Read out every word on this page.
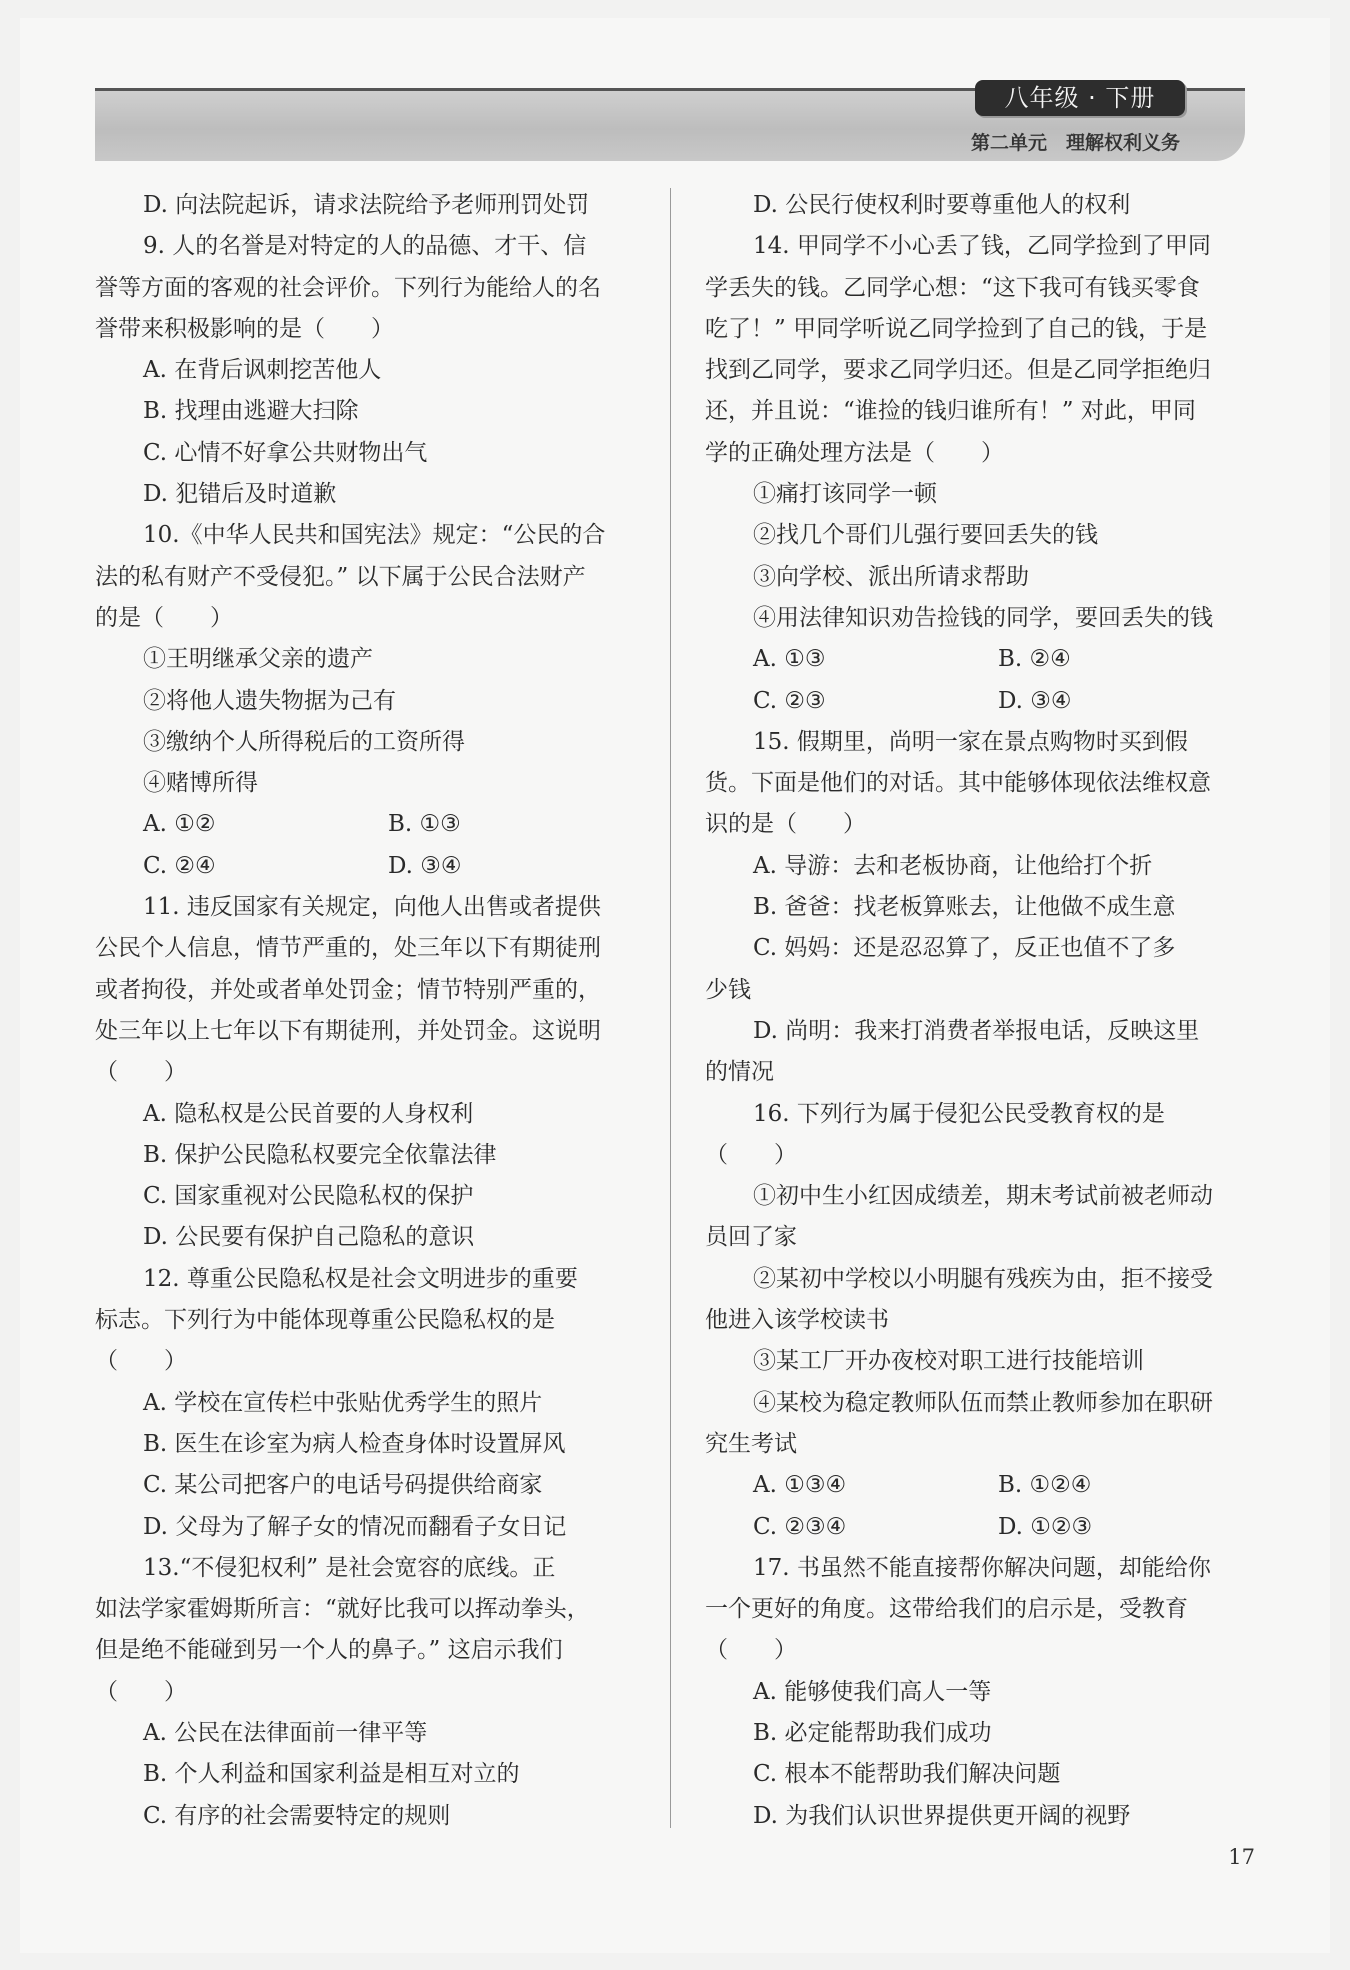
八年级 · 下册
第二单元　理解权利义务
D. 向法院起诉，请求法院给予老师刑罚处罚
9. 人的名誉是对特定的人的品德、才干、信
誉等方面的客观的社会评价。下列行为能给人的名
誉带来积极影响的是（　　）
A. 在背后讽刺挖苦他人
B. 找理由逃避大扫除
C. 心情不好拿公共财物出气
D. 犯错后及时道歉
10.《中华人民共和国宪法》规定：“公民的合
法的私有财产不受侵犯。” 以下属于公民合法财产
的是（　　）
①王明继承父亲的遗产
②将他人遗失物据为己有
③缴纳个人所得税后的工资所得
④赌博所得
A. ①②	B. ①③
C. ②④	D. ③④
11. 违反国家有关规定，向他人出售或者提供
公民个人信息，情节严重的，处三年以下有期徒刑
或者拘役，并处或者单处罚金；情节特别严重的，
处三年以上七年以下有期徒刑，并处罚金。这说明
（　　）
A. 隐私权是公民首要的人身权利
B. 保护公民隐私权要完全依靠法律
C. 国家重视对公民隐私权的保护
D. 公民要有保护自己隐私的意识
12. 尊重公民隐私权是社会文明进步的重要
标志。下列行为中能体现尊重公民隐私权的是
（　　）
A. 学校在宣传栏中张贴优秀学生的照片
B. 医生在诊室为病人检查身体时设置屏风
C. 某公司把客户的电话号码提供给商家
D. 父母为了解子女的情况而翻看子女日记
13.“不侵犯权利” 是社会宽容的底线。正
如法学家霍姆斯所言：“就好比我可以挥动拳头，
但是绝不能碰到另一个人的鼻子。” 这启示我们
（　　）
A. 公民在法律面前一律平等
B. 个人利益和国家利益是相互对立的
C. 有序的社会需要特定的规则
D. 公民行使权利时要尊重他人的权利
14. 甲同学不小心丢了钱，乙同学捡到了甲同
学丢失的钱。乙同学心想：“这下我可有钱买零食
吃了！” 甲同学听说乙同学捡到了自己的钱，于是
找到乙同学，要求乙同学归还。但是乙同学拒绝归
还，并且说：“谁捡的钱归谁所有！” 对此，甲同
学的正确处理方法是（　　）
①痛打该同学一顿
②找几个哥们儿强行要回丢失的钱
③向学校、派出所请求帮助
④用法律知识劝告捡钱的同学，要回丢失的钱
A. ①③	B. ②④
C. ②③	D. ③④
15. 假期里，尚明一家在景点购物时买到假
货。下面是他们的对话。其中能够体现依法维权意
识的是（　　）
A. 导游：去和老板协商，让他给打个折
B. 爸爸：找老板算账去，让他做不成生意
C. 妈妈：还是忍忍算了，反正也值不了多
少钱
D. 尚明：我来打消费者举报电话，反映这里
的情况
16. 下列行为属于侵犯公民受教育权的是
（　　）
①初中生小红因成绩差，期末考试前被老师动
员回了家
②某初中学校以小明腿有残疾为由，拒不接受
他进入该学校读书
③某工厂开办夜校对职工进行技能培训
④某校为稳定教师队伍而禁止教师参加在职研
究生考试
A. ①③④	B. ①②④
C. ②③④	D. ①②③
17. 书虽然不能直接帮你解决问题，却能给你
一个更好的角度。这带给我们的启示是，受教育
（　　）
A. 能够使我们高人一等
B. 必定能帮助我们成功
C. 根本不能帮助我们解决问题
D. 为我们认识世界提供更开阔的视野
17
